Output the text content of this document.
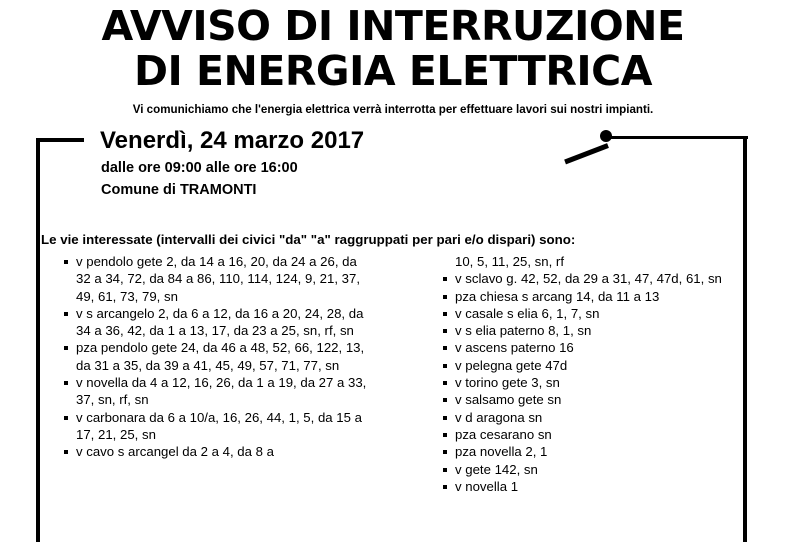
AVVISO DI INTERRUZIONE
DI ENERGIA ELETTRICA
Vi comunichiamo che l'energia elettrica verrà interrotta per effettuare lavori sui nostri impianti.
Venerdì, 24 marzo 2017
dalle ore 09:00 alle ore 16:00
Comune di TRAMONTI
Le vie interessate (intervalli dei civici "da" "a" raggruppati per pari e/o dispari) sono:
v pendolo gete 2, da 14 a 16, 20, da 24 a 26, da 32 a 34, 72, da 84 a 86, 110, 114, 124, 9, 21, 37, 49, 61, 73, 79, sn
v s arcangelo 2, da 6 a 12, da 16 a 20, 24, 28, da 34 a 36, 42, da 1 a 13, 17, da 23 a 25, sn, rf, sn
pza pendolo gete 24, da 46 a 48, 52, 66, 122, 13, da 31 a 35, da 39 a 41, 45, 49, 57, 71, 77, sn
v novella da 4 a 12, 16, 26, da 1 a 19, da 27 a 33, 37, sn, rf, sn
v carbonara da 6 a 10/a, 16, 26, 44, 1, 5, da 15 a 17, 21, 25, sn
v cavo s arcangel da 2 a 4, da 8 a
10, 5, 11, 25, sn, rf
v sclavo g. 42, 52, da 29 a 31, 47, 47d, 61, sn
pza chiesa s arcang 14, da 11 a 13
v casale s elia 6, 1, 7, sn
v s elia paterno 8, 1, sn
v ascens paterno 16
v pelegna gete 47d
v torino gete 3, sn
v salsamo gete sn
v d aragona sn
pza cesarano sn
pza novella 2, 1
v gete 142, sn
v novella 1
